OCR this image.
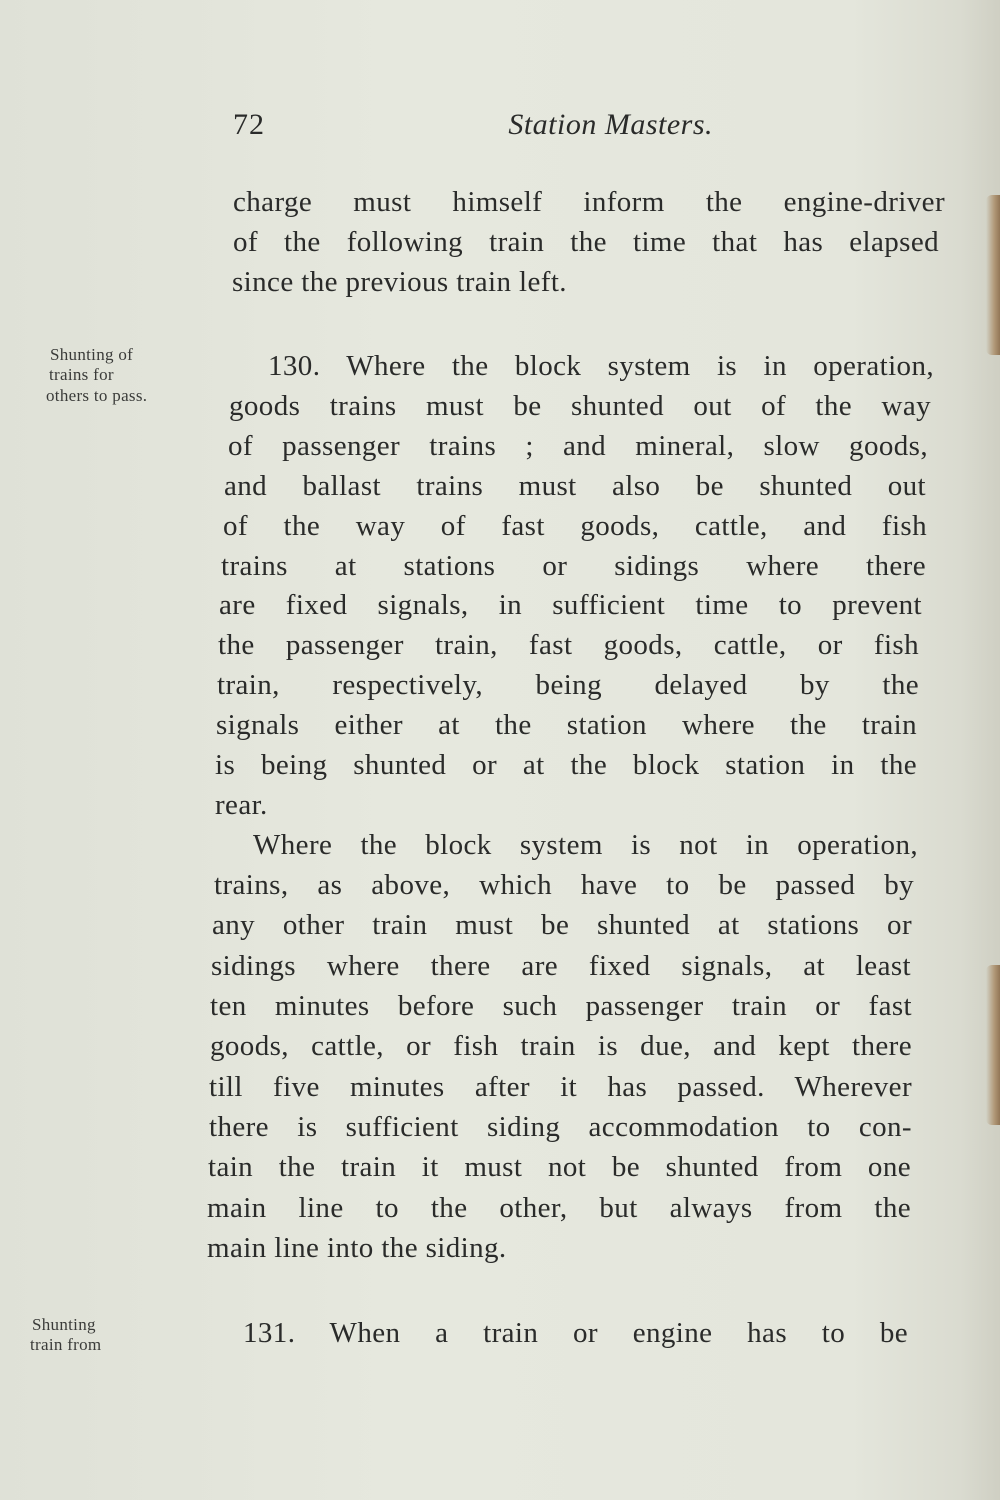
72	Station Masters.
charge must himself inform the engine-driver
of the following train the time that has elapsed
since the previous train left.
Shunting of
trains for
others to pass.
130. Where the block system is in operation,
goods trains must be shunted out of the way
of passenger trains ; and mineral, slow goods,
and ballast trains must also be shunted out
of the way of fast goods, cattle, and fish
trains at stations or sidings where there
are fixed signals, in sufficient time to prevent
the passenger train, fast goods, cattle, or fish
train, respectively, being delayed by the
signals either at the station where the train
is being shunted or at the block station in the
rear.
Where the block system is not in operation,
trains, as above, which have to be passed by
any other train must be shunted at stations or
sidings where there are fixed signals, at least
ten minutes before such passenger train or fast
goods, cattle, or fish train is due, and kept there
till five minutes after it has passed. Wherever
there is sufficient siding accommodation to con-
tain the train it must not be shunted from one
main line to the other, but always from the
main line into the siding.
Shunting
train from	131. When a train or engine has to be
